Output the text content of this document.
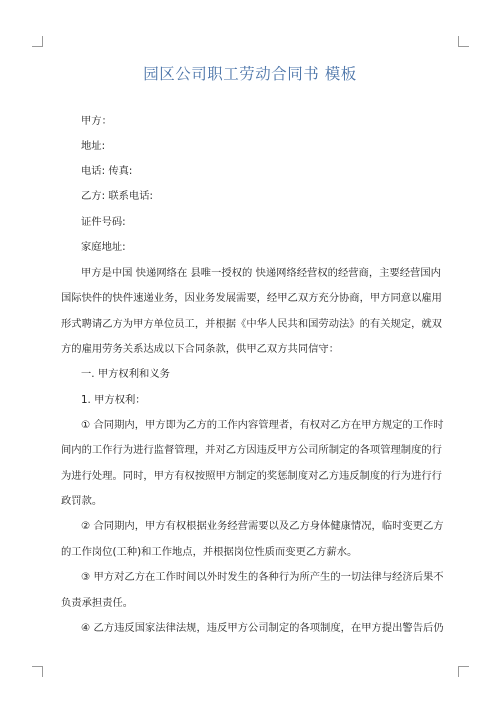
园区公司职工劳动合同书 模板
甲方：
地址:
电话: 传真:
乙方: 联系电话:
证件号码:
家庭地址:
甲方是中国 快递网络在 县唯一授权的 快递网络经营权的经营商，主要经营国内
国际快件的快件速递业务，因业务发展需要，经甲乙双方充分协商，甲方同意以雇用
形式聘请乙方为甲方单位员工，并根据《中华人民共和国劳动法》的有关规定，就双
方的雇用劳务关系达成以下合同条款，供甲乙双方共同信守：
一. 甲方权利和义务
1. 甲方权利：
① 合同期内，甲方即为乙方的工作内容管理者，有权对乙方在甲方规定的工作时
间内的工作行为进行监督管理，并对乙方因违反甲方公司所制定的各项管理制度的行
为进行处理。同时，甲方有权按照甲方制定的奖惩制度对乙方违反制度的行为进行行
政罚款。
② 合同期内，甲方有权根据业务经营需要以及乙方身体健康情况，临时变更乙方
的工作岗位(工种)和工作地点，并根据岗位性质而变更乙方薪水。
③ 甲方对乙方在工作时间以外时发生的各种行为所产生的一切法律与经济后果不
负责承担责任。
④ 乙方违反国家法律法规，违反甲方公司制定的各项制度，在甲方提出警告后仍
